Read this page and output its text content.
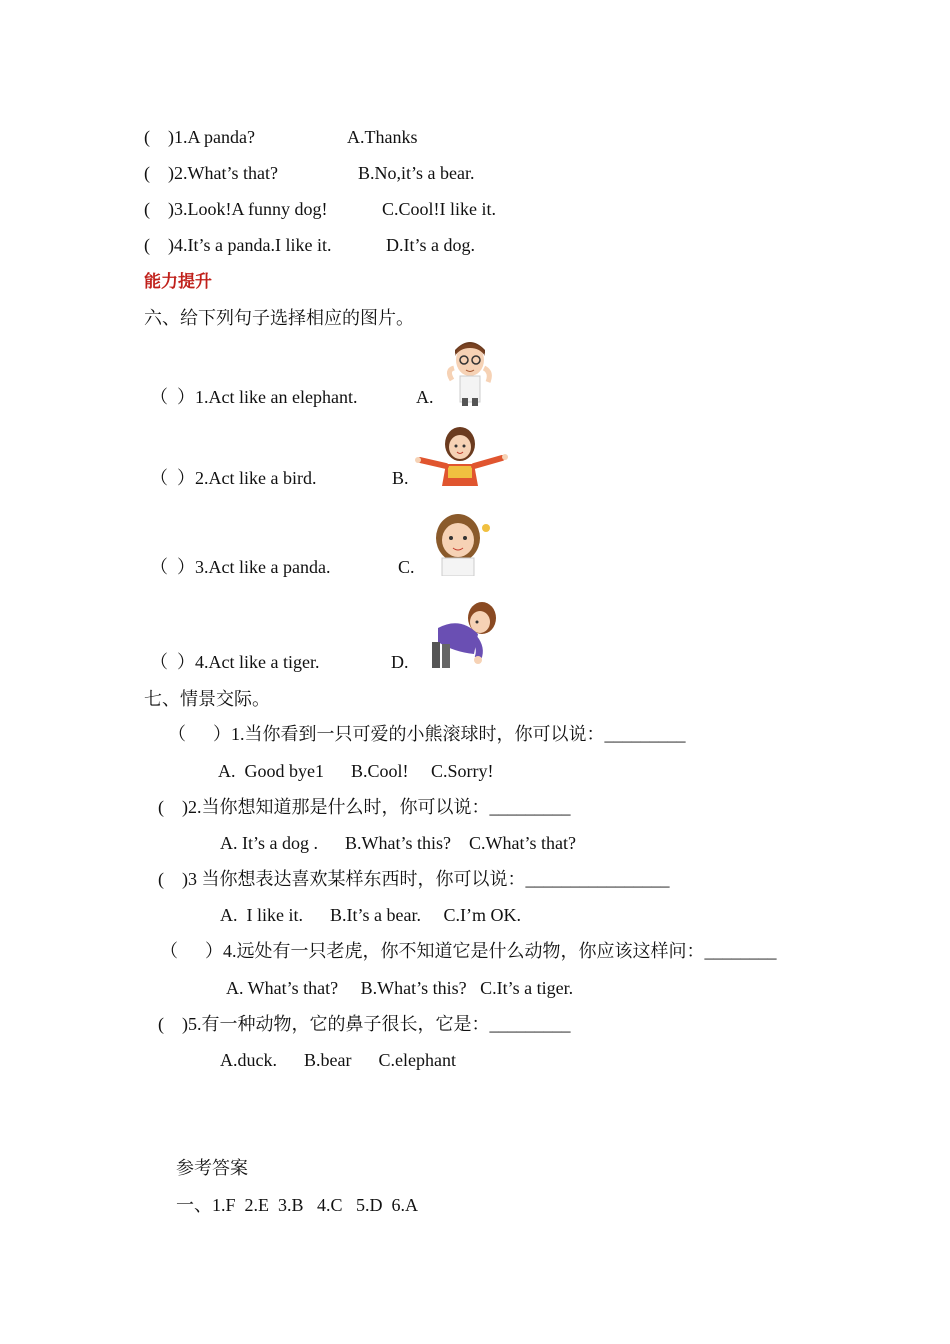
(    )1.A panda?	A.Thanks
(    )2.What’s that?	B.No,it’s a bear.
(    )3.Look!A funny dog!	C.Cool!I like it.
(    )4.It’s a panda.I like it.	D.It’s a dog.
能力提升
六、给下列句子选择相应的图片。
（  ）1.Act like an elephant.	A.
（  ）2.Act like a bird.	B.
（  ）3.Act like a panda.	C.
（  ）4.Act like a tiger.	D.
七、情景交际。
（      ）1.当你看到一只可爱的小熊滚球时，你可以说：_________
A.  Good bye1      B.Cool!     C.Sorry!
(    )2.当你想知道那是什么时，你可以说：_________
A. It’s a dog .      B.What’s this?    C.What’s that?
(    )3 当你想表达喜欢某样东西时，你可以说：________________
A.  I like it.      B.It’s a bear.     C.I’m OK.
（      ）4.远处有一只老虎，你不知道它是什么动物，你应该这样问：________
A. What’s that?     B.What’s this?   C.It’s a tiger.
(    )5.有一种动物，它的鼻子很长，它是：_________
A.duck.      B.bear      C.elephant
参考答案
一、1.F  2.E  3.B   4.C   5.D  6.A
